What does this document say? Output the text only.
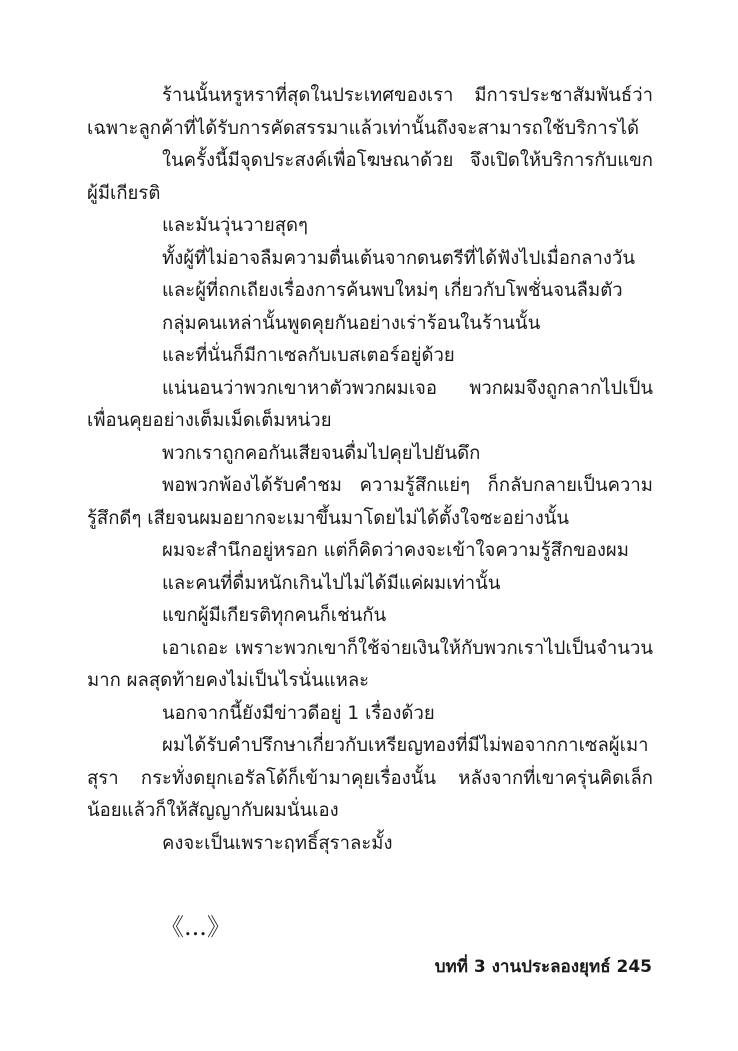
ร้านนั้นหรูหราที่สุดในประเทศของเรา มีการประชาสัมพันธ์ว่าเฉพาะลูกค้าที่ได้รับการคัดสรรมาแล้วเท่านั้นถึงจะสามารถใช้บริการได้

ในครั้งนี้มีจุดประสงค์เพื่อโฆษณาด้วย จึงเปิดให้บริการกับแขกผู้มีเกียรติ

และมันวุ่นวายสุดๆ

ทั้งผู้ที่ไม่อาจลืมความตื่นเต้นจากดนตรีที่ได้ฟังไปเมื่อกลางวัน

และผู้ที่ถกเถียงเรื่องการค้นพบใหม่ๆ เกี่ยวกับโพชั่นจนลืมตัว

กลุ่มคนเหล่านั้นพูดคุยกันอย่างเร่าร้อนในร้านนั้น

และที่นั่นก็มีกาเซลกับเบสเตอร์อยู่ด้วย

แน่นอนว่าพวกเขาหาตัวพวกผมเจอ พวกผมจึงถูกลากไปเป็นเพื่อนคุยอย่างเต็มเม็ดเต็มหน่วย

พวกเราถูกคอกันเสียจนดื่มไปคุยไปยันดึก

พอพวกพ้องได้รับคำชม ความรู้สึกแย่ๆ ก็กลับกลายเป็นความรู้สึกดีๆ เสียจนผมอยากจะเมาขึ้นมาโดยไม่ได้ตั้งใจซะอย่างนั้น

ผมจะสำนึกอยู่หรอก แต่ก็คิดว่าคงจะเข้าใจความรู้สึกของผม

และคนที่ดื่มหนักเกินไปไม่ได้มีแค่ผมเท่านั้น

แขกผู้มีเกียรติทุกคนก็เช่นกัน

เอาเถอะ เพราะพวกเขาก็ใช้จ่ายเงินให้กับพวกเราไปเป็นจำนวนมาก ผลสุดท้ายคงไม่เป็นไรนั่นแหละ

นอกจากนี้ยังมีข่าวดีอยู่ 1 เรื่องด้วย

ผมได้รับคำปรึกษาเกี่ยวกับเหรียญทองที่มีไม่พอจากกาเซลผู้เมาสุรา กระทั่งดยุกเอรัลโด้ก็เข้ามาคุยเรื่องนั้น หลังจากที่เขาครุ่นคิดเล็กน้อยแล้วก็ให้สัญญากับผมนั่นเอง

คงจะเป็นเพราะฤทธิ์สุราละมั้ง

《...》
บทที่ 3 งานประลองยุทธ์ 245
